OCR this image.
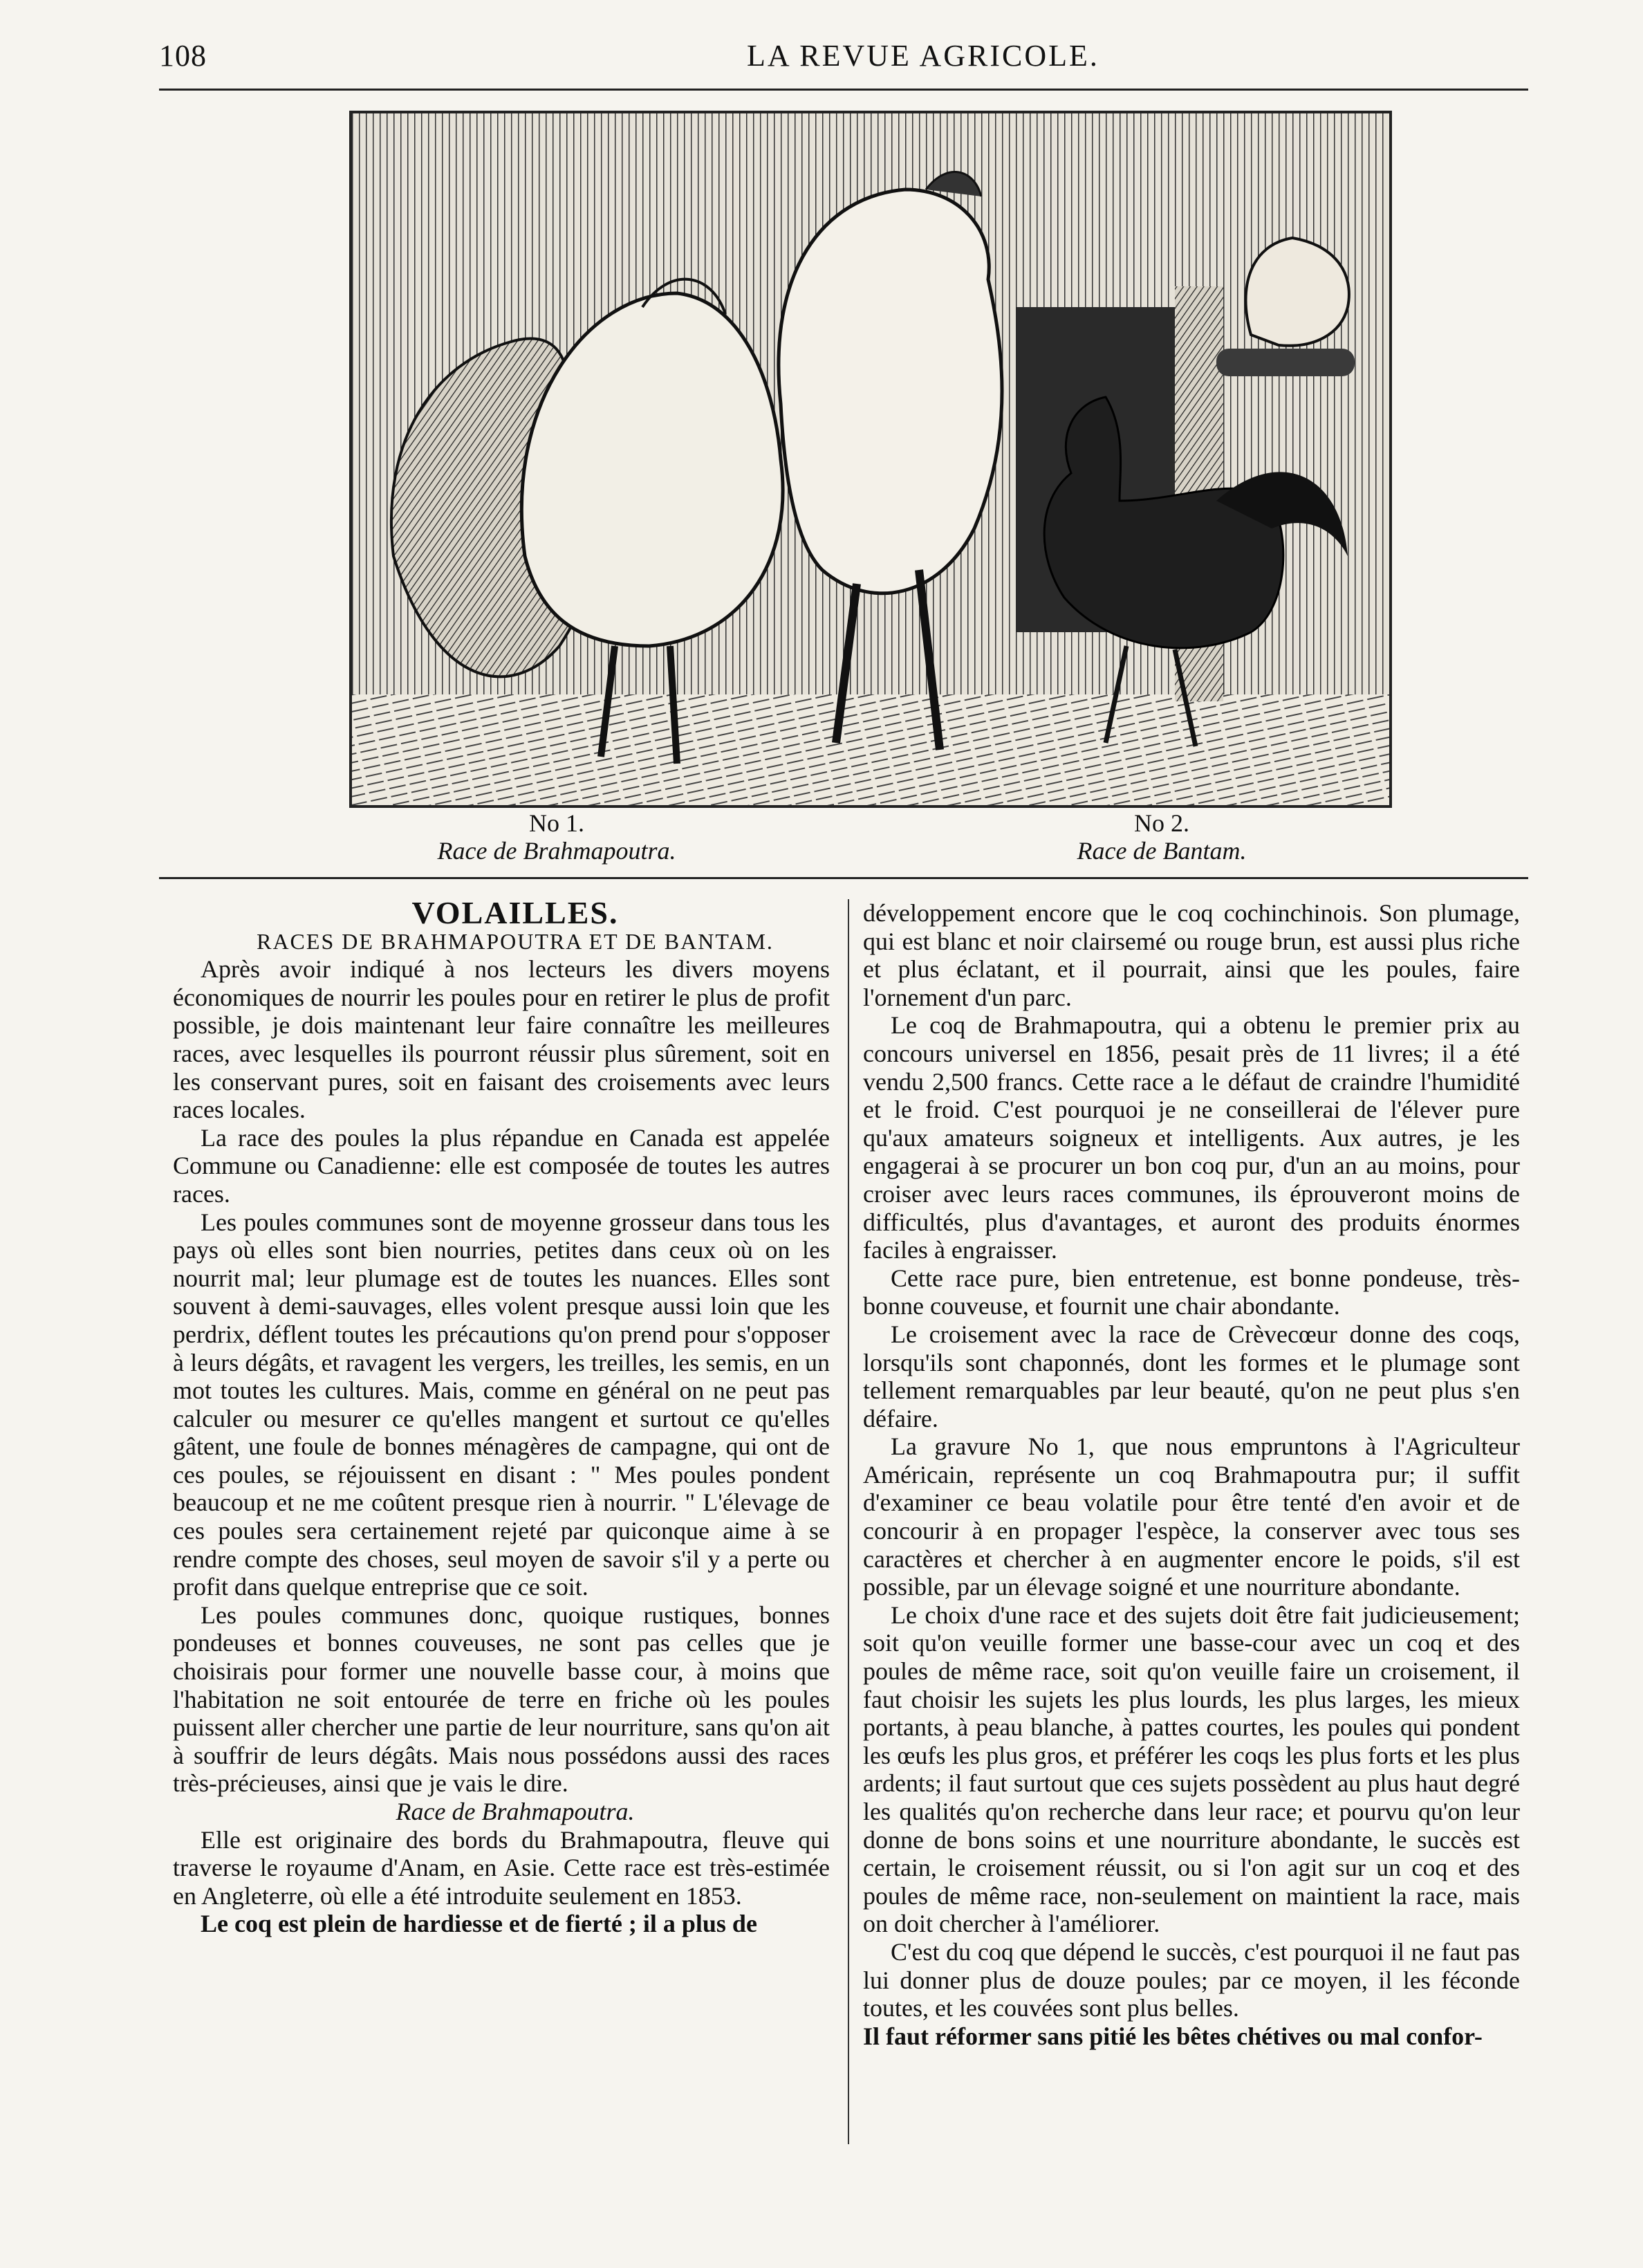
108	LA REVUE AGRICOLE.
No 1.
Race de Brahmapoutra.
No 2.
Race de Bantam.

VOLAILLES.

RACES DE BRAHMAPOUTRA ET DE BANTAM.

Après avoir indiqué à nos lecteurs les divers moyens économiques de nourrir les poules pour en retirer le plus de profit possible, je dois maintenant leur faire connaître les meilleures races, avec lesquelles ils pourront réussir plus sûrement, soit en les conservant pures, soit en faisant des croisements avec leurs races locales.

La race des poules la plus répandue en Canada est appelée Commune ou Canadienne: elle est composée de toutes les autres races.

Les poules communes sont de moyenne grosseur dans tous les pays où elles sont bien nourries, petites dans ceux où on les nourrit mal; leur plumage est de toutes les nuances. Elles sont souvent à demi-sauvages, elles volent presque aussi loin que les perdrix, déflent toutes les précautions qu'on prend pour s'opposer à leurs dégâts, et ravagent les vergers, les treilles, les semis, en un mot toutes les cultures. Mais, comme en général on ne peut pas calculer ou mesurer ce qu'elles mangent et surtout ce qu'elles gâtent, une foule de bonnes ménagères de campagne, qui ont de ces poules, se réjouissent en disant : " Mes poules pondent beaucoup et ne me coûtent presque rien à nourrir. " L'élevage de ces poules sera certainement rejeté par quiconque aime à se rendre compte des choses, seul moyen de savoir s'il y a perte ou profit dans quelque entreprise que ce soit.

Les poules communes donc, quoique rustiques, bonnes pondeuses et bonnes couveuses, ne sont pas celles que je choisirais pour former une nouvelle basse cour, à moins que l'habitation ne soit entourée de terre en friche où les poules puissent aller chercher une partie de leur nourriture, sans qu'on ait à souffrir de leurs dégâts. Mais nous possédons aussi des races très-précieuses, ainsi que je vais le dire.

Race de Brahmapoutra.

Elle est originaire des bords du Brahmapoutra, fleuve qui traverse le royaume d'Anam, en Asie. Cette race est très-estimée en Angleterre, où elle a été introduite seulement en 1853.

Le coq est plein de hardiesse et de fierté ; il a plus de

développement encore que le coq cochinchinois. Son plumage, qui est blanc et noir clairsemé ou rouge brun, est aussi plus riche et plus éclatant, et il pourrait, ainsi que les poules, faire l'ornement d'un parc.

Le coq de Brahmapoutra, qui a obtenu le premier prix au concours universel en 1856, pesait près de 11 livres; il a été vendu 2,500 francs. Cette race a le défaut de craindre l'humidité et le froid. C'est pourquoi je ne conseillerai de l'élever pure qu'aux amateurs soigneux et intelligents. Aux autres, je les engagerai à se procurer un bon coq pur, d'un an au moins, pour croiser avec leurs races communes, ils éprouveront moins de difficultés, plus d'avantages, et auront des produits énormes faciles à engraisser.

Cette race pure, bien entretenue, est bonne pondeuse, très-bonne couveuse, et fournit une chair abondante.

Le croisement avec la race de Crèvecœur donne des coqs, lorsqu'ils sont chaponnés, dont les formes et le plumage sont tellement remarquables par leur beauté, qu'on ne peut plus s'en défaire.

La gravure No 1, que nous empruntons à l'Agriculteur Américain, représente un coq Brahmapoutra pur; il suffit d'examiner ce beau volatile pour être tenté d'en avoir et de concourir à en propager l'espèce, la conserver avec tous ses caractères et chercher à en augmenter encore le poids, s'il est possible, par un élevage soigné et une nourriture abondante.

Le choix d'une race et des sujets doit être fait judicieusement; soit qu'on veuille former une basse-cour avec un coq et des poules de même race, soit qu'on veuille faire un croisement, il faut choisir les sujets les plus lourds, les plus larges, les mieux portants, à peau blanche, à pattes courtes, les poules qui pondent les œufs les plus gros, et préférer les coqs les plus forts et les plus ardents; il faut surtout que ces sujets possèdent au plus haut degré les qualités qu'on recherche dans leur race; et pourvu qu'on leur donne de bons soins et une nourriture abondante, le succès est certain, le croisement réussit, ou si l'on agit sur un coq et des poules de même race, non-seulement on maintient la race, mais on doit chercher à l'améliorer.

C'est du coq que dépend le succès, c'est pourquoi il ne faut pas lui donner plus de douze poules; par ce moyen, il les féconde toutes, et les couvées sont plus belles.

Il faut réformer sans pitié les bêtes chétives ou mal confor-
